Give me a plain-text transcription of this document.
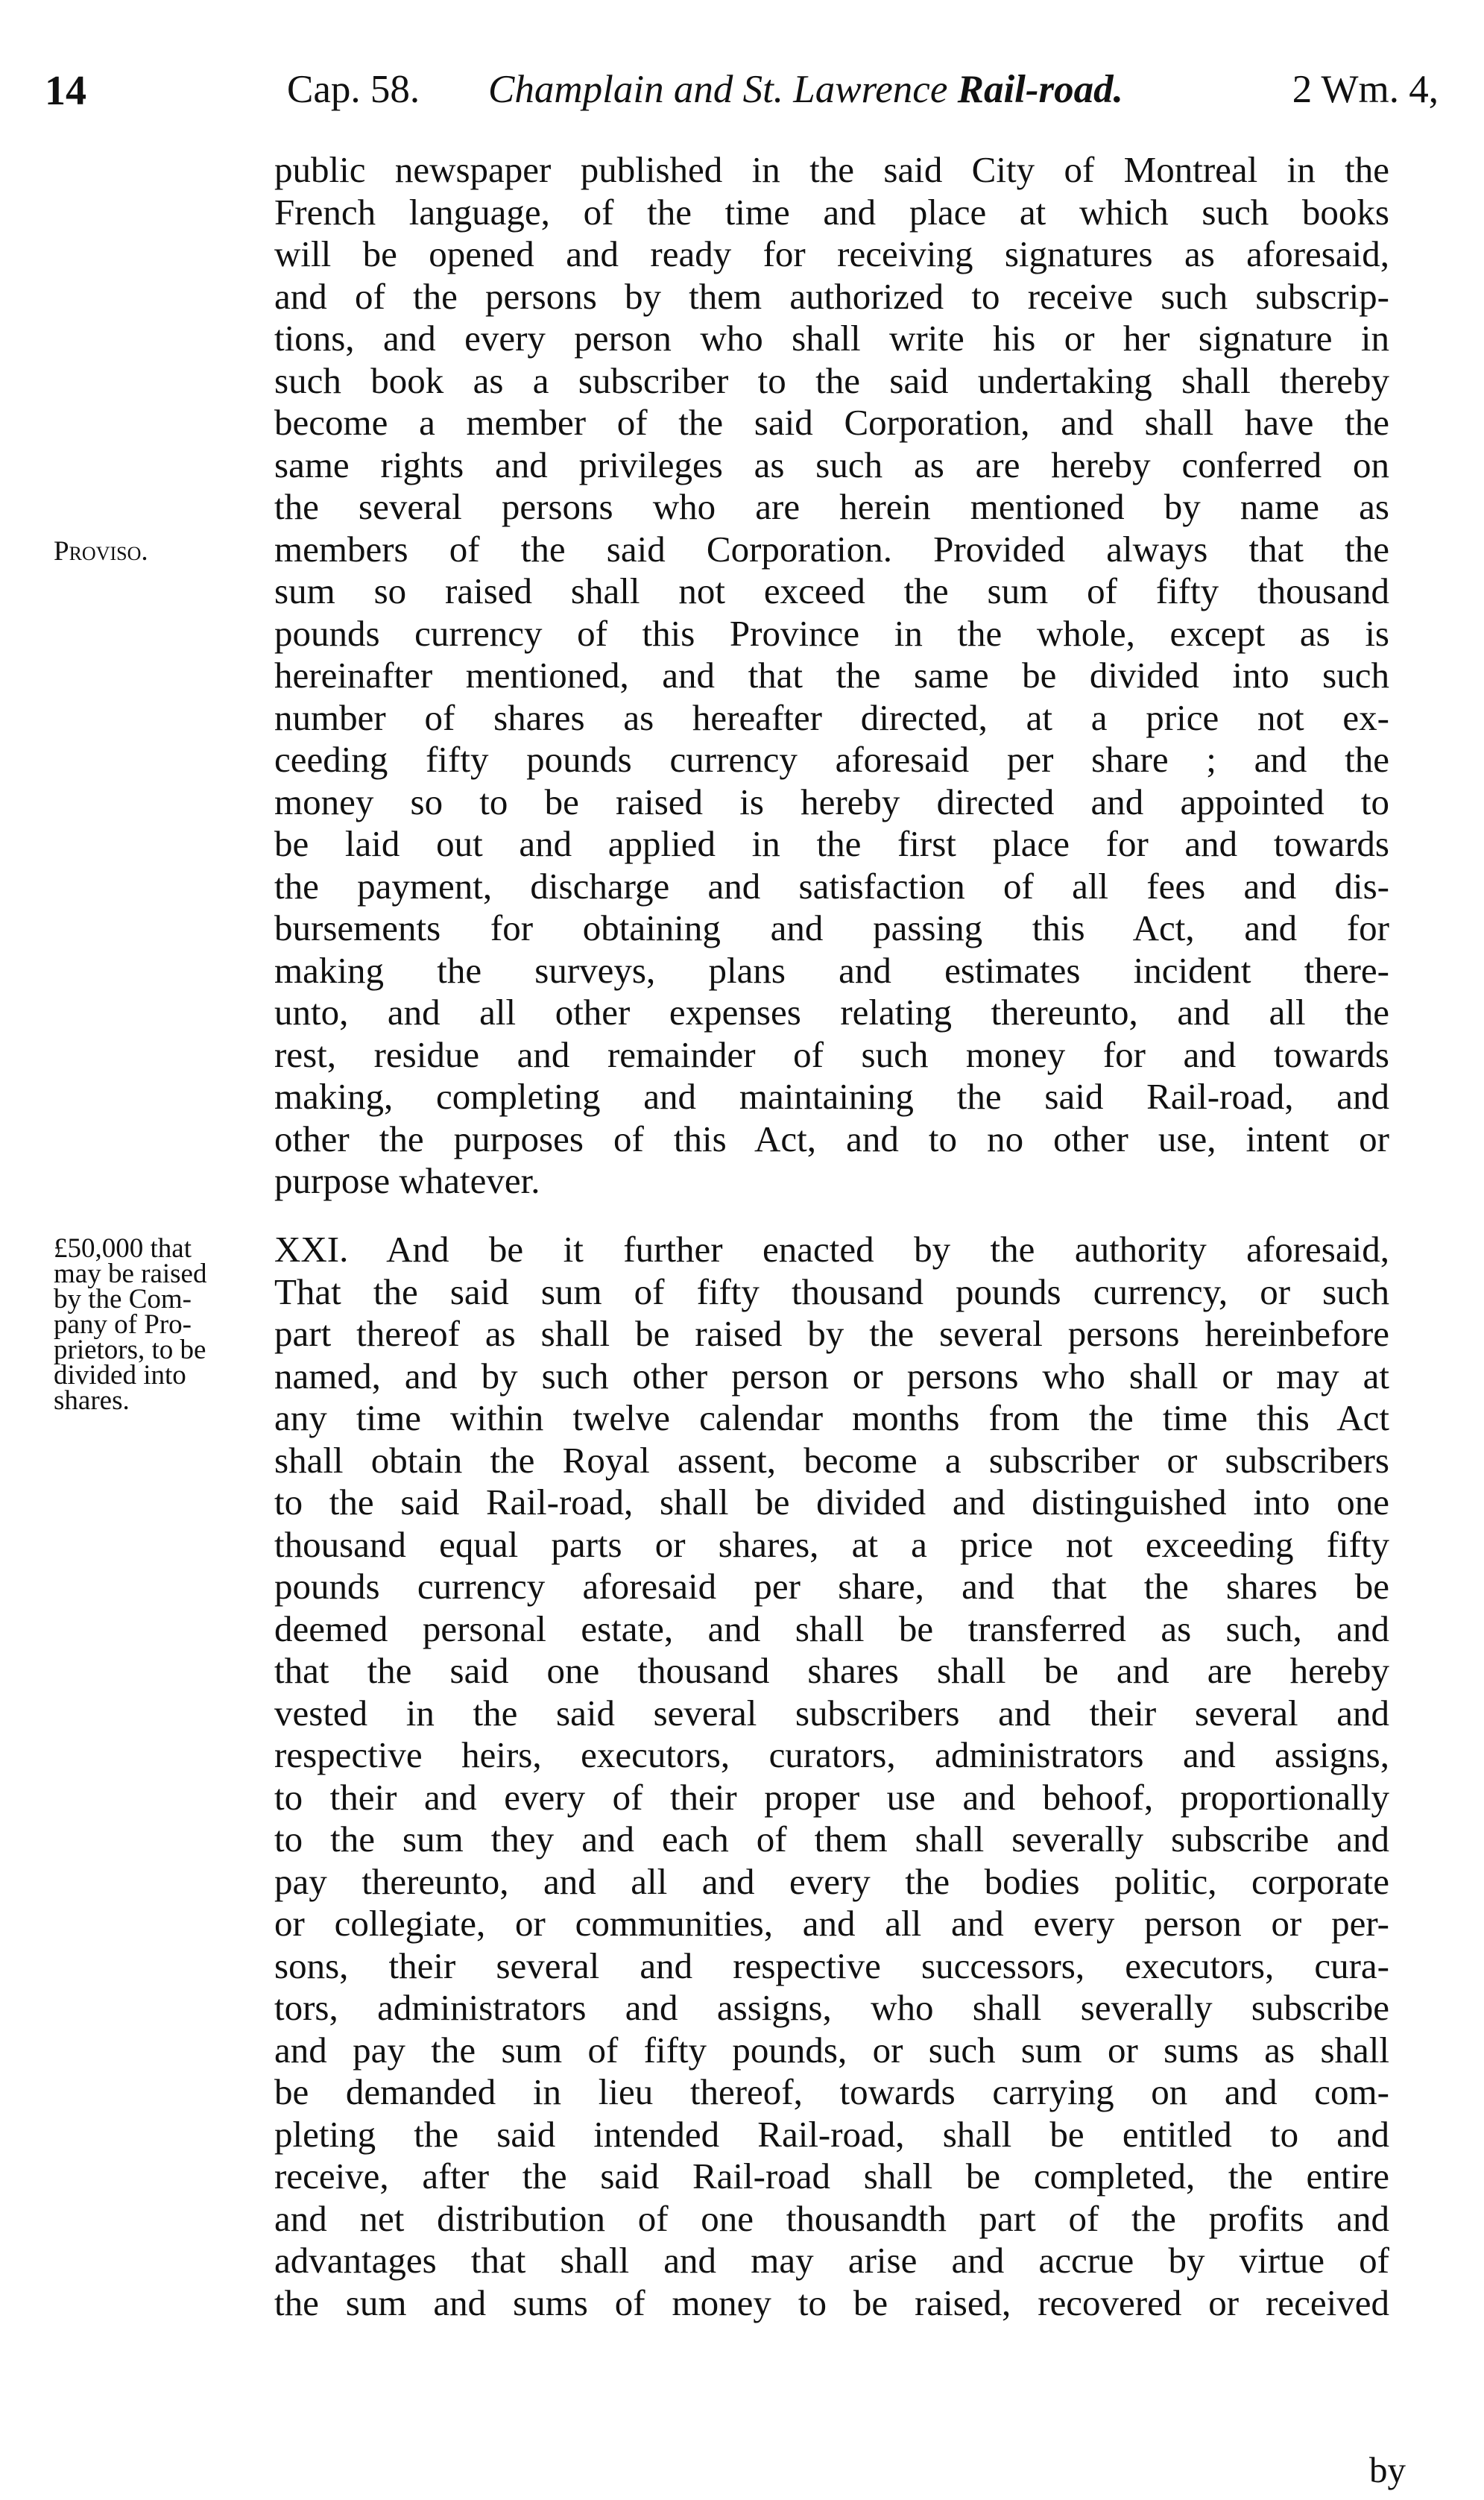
14	Cap. 58. Champlain and St. Lawrence Rail-road.	2 Wm. 4,
Proviso.
£50,000 that
may be raised
by the Com-
pany of Pro-
prietors, to be
divided into
shares.
public newspaper published in the said City of Montreal in the
French language, of the time and place at which such books
will be opened and ready for receiving signatures as aforesaid,
and of the persons by them authorized to receive such subscrip-
tions, and every person who shall write his or her signature in
such book as a subscriber to the said undertaking shall thereby
become a member of the said Corporation, and shall have the
same rights and privileges as such as are hereby conferred on
the several persons who are herein mentioned by name as
members of the said Corporation. Provided always that the
sum so raised shall not exceed the sum of fifty thousand
pounds currency of this Province in the whole, except as is
hereinafter mentioned, and that the same be divided into such
number of shares as hereafter directed, at a price not ex-
ceeding fifty pounds currency aforesaid per share ; and the
money so to be raised is hereby directed and appointed to
be laid out and applied in the first place for and towards
the payment, discharge and satisfaction of all fees and dis-
bursements for obtaining and passing this Act, and for
making the surveys, plans and estimates incident there-
unto, and all other expenses relating thereunto, and all the
rest, residue and remainder of such money for and towards
making, completing and maintaining the said Rail-road, and
other the purposes of this Act, and to no other use, intent or
purpose whatever.
XXI. And be it further enacted by the authority aforesaid,
That the said sum of fifty thousand pounds currency, or such
part thereof as shall be raised by the several persons hereinbefore
named, and by such other person or persons who shall or may at
any time within twelve calendar months from the time this Act
shall obtain the Royal assent, become a subscriber or subscribers
to the said Rail-road, shall be divided and distinguished into one
thousand equal parts or shares, at a price not exceeding fifty
pounds currency aforesaid per share, and that the shares be
deemed personal estate, and shall be transferred as such, and
that the said one thousand shares shall be and are hereby
vested in the said several subscribers and their several and
respective heirs, executors, curators, administrators and assigns,
to their and every of their proper use and behoof, proportionally
to the sum they and each of them shall severally subscribe and
pay thereunto, and all and every the bodies politic, corporate
or collegiate, or communities, and all and every person or per-
sons, their several and respective successors, executors, cura-
tors, administrators and assigns, who shall severally subscribe
and pay the sum of fifty pounds, or such sum or sums as shall
be demanded in lieu thereof, towards carrying on and com-
pleting the said intended Rail-road, shall be entitled to and
receive, after the said Rail-road shall be completed, the entire
and net distribution of one thousandth part of the profits and
advantages that shall and may arise and accrue by virtue of
the sum and sums of money to be raised, recovered or received
by
